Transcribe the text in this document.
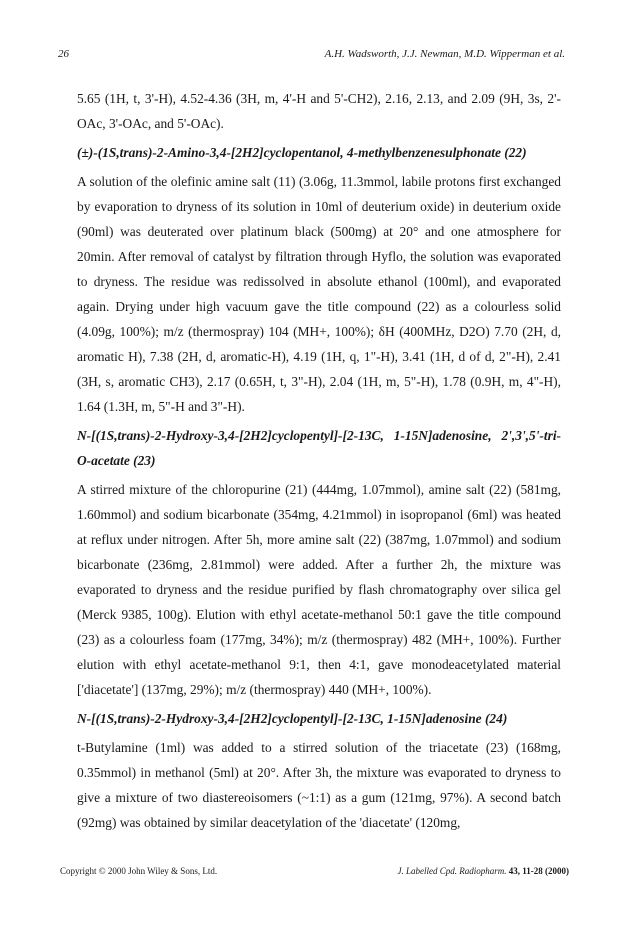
26	A.H. Wadsworth, J.J. Newman, M.D. Wipperman et al.

5.65 (1H, t, 3'-H), 4.52-4.36 (3H, m, 4'-H and 5'-CH2), 2.16, 2.13, and 2.09 (9H, 3s, 2'-OAc, 3'-OAc, and 5'-OAc).

(±)-(1S,trans)-2-Amino-3,4-[2H2]cyclopentanol, 4-methylbenzenesulphonate (22)

A solution of the olefinic amine salt (11) (3.06g, 11.3mmol, labile protons first exchanged by evaporation to dryness of its solution in 10ml of deuterium oxide) in deuterium oxide (90ml) was deuterated over platinum black (500mg) at 20° and one atmosphere for 20min. After removal of catalyst by filtration through Hyflo, the solution was evaporated to dryness. The residue was redissolved in absolute ethanol (100ml), and evaporated again. Drying under high vacuum gave the title compound (22) as a colourless solid (4.09g, 100%); m/z (thermospray) 104 (MH+, 100%); δH (400MHz, D2O) 7.70 (2H, d, aromatic H), 7.38 (2H, d, aromatic-H), 4.19 (1H, q, 1"-H), 3.41 (1H, d of d, 2"-H), 2.41 (3H, s, aromatic CH3), 2.17 (0.65H, t, 3"-H), 2.04 (1H, m, 5"-H), 1.78 (0.9H, m, 4"-H), 1.64 (1.3H, m, 5"-H and 3"-H).

N-[(1S,trans)-2-Hydroxy-3,4-[2H2]cyclopentyl]-[2-13C, 1-15N]adenosine, 2',3',5'-tri-O-acetate (23)

A stirred mixture of the chloropurine (21) (444mg, 1.07mmol), amine salt (22) (581mg, 1.60mmol) and sodium bicarbonate (354mg, 4.21mmol) in isopropanol (6ml) was heated at reflux under nitrogen. After 5h, more amine salt (22) (387mg, 1.07mmol) and sodium bicarbonate (236mg, 2.81mmol) were added. After a further 2h, the mixture was evaporated to dryness and the residue purified by flash chromatography over silica gel (Merck 9385, 100g). Elution with ethyl acetate-methanol 50:1 gave the title compound (23) as a colourless foam (177mg, 34%); m/z (thermospray) 482 (MH+, 100%). Further elution with ethyl acetate-methanol 9:1, then 4:1, gave monodeacetylated material ['diacetate'] (137mg, 29%); m/z (thermospray) 440 (MH+, 100%).

N-[(1S,trans)-2-Hydroxy-3,4-[2H2]cyclopentyl]-[2-13C, 1-15N]adenosine (24)

t-Butylamine (1ml) was added to a stirred solution of the triacetate (23) (168mg, 0.35mmol) in methanol (5ml) at 20°. After 3h, the mixture was evaporated to dryness to give a mixture of two diastereoisomers (~1:1) as a gum (121mg, 97%). A second batch (92mg) was obtained by similar deacetylation of the 'diacetate' (120mg,

Copyright © 2000 John Wiley & Sons, Ltd.	J. Labelled Cpd. Radiopharm. 43, 11-28 (2000)
